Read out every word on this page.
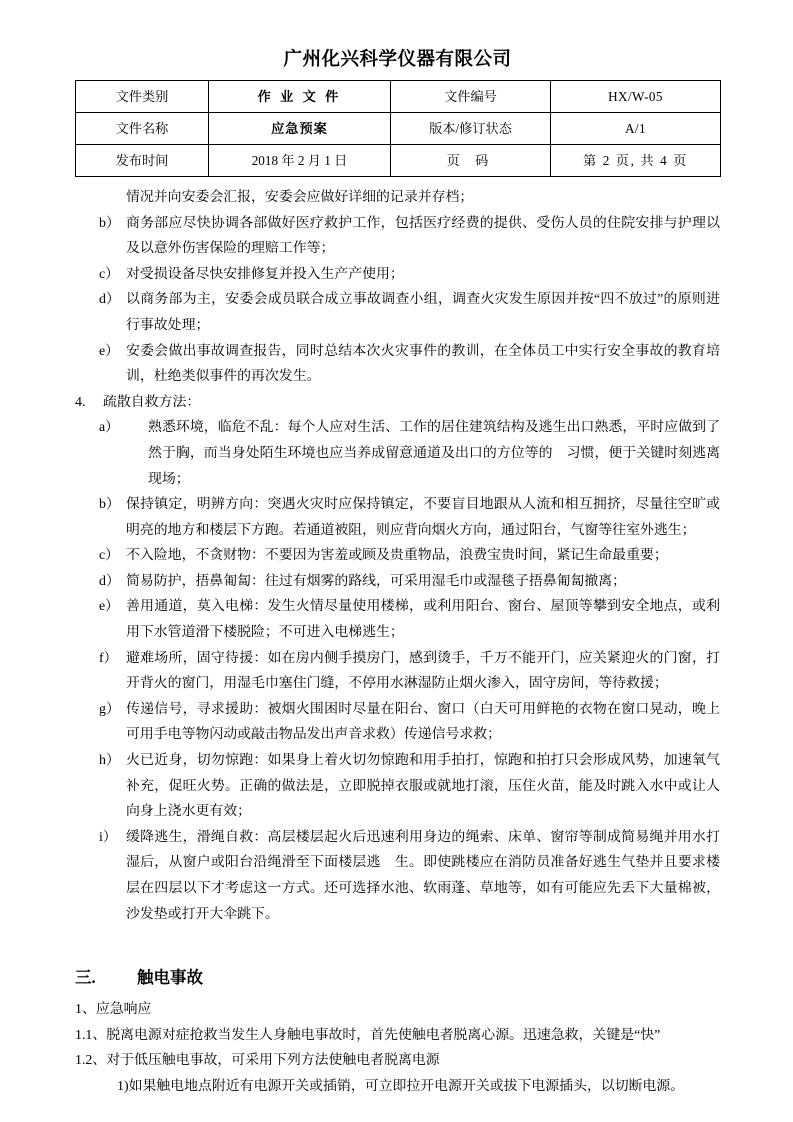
广州化兴科学仪器有限公司
文件类别	作 业 文 件	文件编号	HX/W-05
文件名称	应急预案	版本/修订状态	A/1
发布时间	2018 年 2 月 1 日	页 码	第 2 页, 共 4 页

情况并向安委会汇报，安委会应做好详细的记录并存档；

b） 商务部应尽快协调各部做好医疗救护工作，包括医疗经费的提供、受伤人员的住院安排与护理以及以意外伤害保险的理赔工作等；

c） 对受损设备尽快安排修复并投入生产产使用；

d） 以商务部为主，安委会成员联合成立事故调查小组，调查火灾发生原因并按“四不放过”的原则进行事故处理；

e） 安委会做出事故调查报告，同时总结本次火灾事件的教训，在全体员工中实行安全事故的教育培训，杜绝类似事件的再次发生。

4.	疏散自救方法：

a） 熟悉环境，临危不乱：每个人应对生活、工作的居住建筑结构及逃生出口熟悉，平时应做到了然于胸，而当身处陌生环境也应当养成留意通道及出口的方位等的　习惯，便于关键时刻逃离现场；

b） 保持镇定，明辨方向：突遇火灾时应保持镇定，不要盲目地跟从人流和相互拥挤，尽量往空旷或明亮的地方和楼层下方跑。若通道被阻，则应背向烟火方向，通过阳台，气窗等往室外逃生；

c） 不入险地，不贪财物：不要因为害羞或顾及贵重物品，浪费宝贵时间，紧记生命最重要；

d） 简易防护，捂鼻匍匐：往过有烟雾的路线，可采用湿毛巾或湿毯子捂鼻匍匐撤离；

e） 善用通道，莫入电梯：发生火情尽量使用楼梯，或利用阳台、窗台、屋顶等攀到安全地点，或利用下水管道滑下楼脱险；不可进入电梯逃生；

f） 避难场所，固守待援：如在房内侧手摸房门，感到烫手，千万不能开门，应关紧迎火的门窗，打开背火的窗门，用湿毛巾塞住门缝，不停用水淋湿防止烟火渗入，固守房间，等待救援；

g） 传递信号，寻求援助：被烟火围困时尽量在阳台、窗口（白天可用鲜艳的衣物在窗口晃动，晚上可用手电等物闪动或敲击物品发出声音求救）传递信号求救；

h） 火已近身，切勿惊跑：如果身上着火切勿惊跑和用手拍打，惊跑和拍打只会形成风势，加速氧气补充，促旺火势。正确的做法是，立即脱掉衣服或就地打滚，压住火苗，能及时跳入水中或让人向身上浇水更有效；

i） 缓降逃生，滑绳自救：高层楼层起火后迅速利用身边的绳索、床单、窗帘等制成简易绳并用水打湿后，从窗户或阳台沿绳滑至下面楼层逃　生。即使跳楼应在消防员准备好逃生气垫并且要求楼层在四层以下才考虑这一方式。还可选择水池、软雨蓬、草地等，如有可能应先丢下大量棉被，沙发垫或打开大伞跳下。

三.	触电事故

1、应急响应

1.1、脱离电源对症抢救当发生人身触电事故时，首先使触电者脱离心源。迅速急救，关键是“快”

1.2、对于低压触电事故，可采用下列方法使触电者脱离电源

1)如果触电地点附近有电源开关或插销，可立即拉开电源开关或拔下电源插头，以切断电源。
